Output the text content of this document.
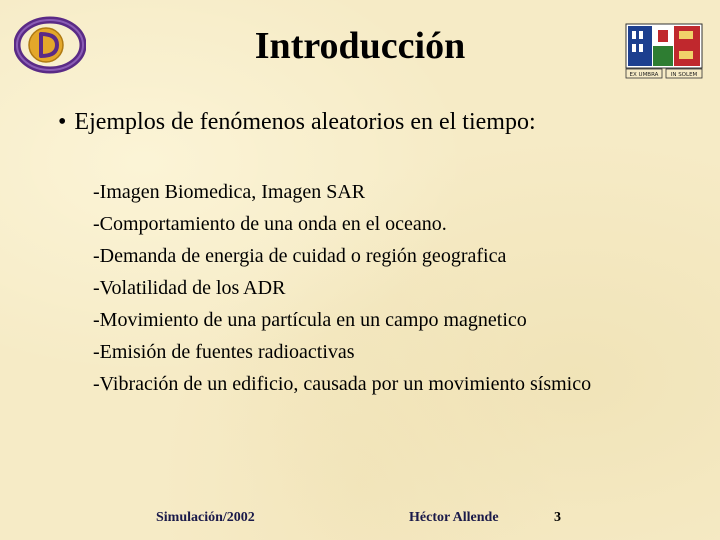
Introducción
EX UMBRA IN SOLEM
• Ejemplos de fenómenos aleatorios en el tiempo:
-Imagen Biomedica, Imagen SAR
-Comportamiento de una onda en el oceano.
-Demanda de energia de cuidad o región geografica
-Volatilidad de los ADR
-Movimiento de una partícula en un campo magnetico
-Emisión de fuentes radioactivas
-Vibración de un edificio, causada por un movimiento sísmico
Simulación/2002	Héctor Allende	3
